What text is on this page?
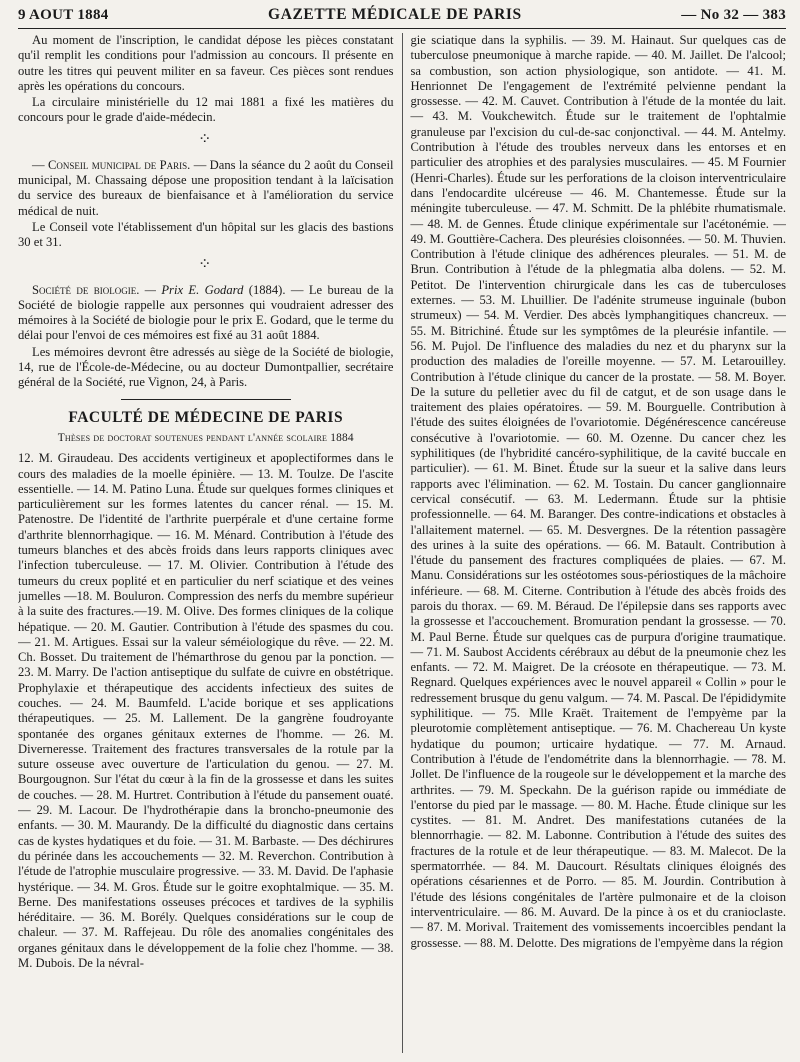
9 AOUT 1884	GAZETTE MÉDICALE DE PARIS	— No 32 — 383

Au moment de l'inscription, le candidat dépose les pièces constatant qu'il remplit les conditions pour l'admission au concours. Il présente en outre les titres qui peuvent militer en sa faveur. Ces pièces sont rendues après les opérations du concours.

La circulaire ministérielle du 12 mai 1881 a fixé les matières du concours pour le grade d'aide-médecin.

⁘

— Conseil municipal de Paris. — Dans la séance du 2 août du Conseil municipal, M. Chassaing dépose une proposition tendant à la laïcisation du service des bureaux de bienfaisance et à l'amélioration du service médical de nuit.

Le Conseil vote l'établissement d'un hôpital sur les glacis des bastions 30 et 31.

⁘

Société de biologie. — Prix E. Godard (1884). — Le bureau de la Société de biologie rappelle aux personnes qui voudraient adresser des mémoires à la Société de biologie pour le prix E. Godard, que le terme du délai pour l'envoi de ces mémoires est fixé au 31 août 1884.

Les mémoires devront être adressés au siège de la Société de biologie, 14, rue de l'École-de-Médecine, ou au docteur Dumontpallier, secrétaire général de la Société, rue Vignon, 24, à Paris.

FACULTÉ DE MÉDECINE DE PARIS
Thèses de doctorat soutenues pendant l'année scolaire 1884

12. M. Giraudeau. Des accidents vertigineux et apoplectiformes dans le cours des maladies de la moelle épinière. — 13. M. Toulze. De l'ascite essentielle. — 14. M. Patino Luna. Étude sur quelques formes cliniques et particulièrement sur les formes latentes du cancer rénal. — 15. M. Patenostre. De l'identité de l'arthrite puerpérale et d'une certaine forme d'arthrite blennorrhagique. — 16. M. Ménard. Contribution à l'étude des tumeurs blanches et des abcès froids dans leurs rapports cliniques avec l'infection tuberculeuse. — 17. M. Olivier. Contribution à l'étude des tumeurs du creux poplité et en particulier du nerf sciatique et des veines jumelles —18. M. Bouluron. Compression des nerfs du membre supérieur à la suite des fractures.—19. M. Olive. Des formes cliniques de la colique hépatique. — 20. M. Gautier. Contribution à l'étude des spasmes du cou. — 21. M. Artigues. Essai sur la valeur séméiologique du rêve. — 22. M. Ch. Bosset. Du traitement de l'hémarthrose du genou par la ponction. — 23. M. Marry. De l'action antiseptique du sulfate de cuivre en obstétrique. Prophylaxie et thérapeutique des accidents infectieux des suites de couches. — 24. M. Baumfeld. L'acide borique et ses applications thérapeutiques. — 25. M. Lallement. De la gangrène foudroyante spontanée des organes génitaux externes de l'homme. — 26. M. Diverneresse. Traitement des fractures transversales de la rotule par la suture osseuse avec ouverture de l'articulation du genou. — 27. M. Bourgougnon. Sur l'état du cœur à la fin de la grossesse et dans les suites de couches. — 28. M. Hurtret. Contribution à l'étude du pansement ouaté. — 29. M. Lacour. De l'hydrothérapie dans la broncho-pneumonie des enfants. — 30. M. Maurandy. De la difficulté du diagnostic dans certains cas de kystes hydatiques et du foie. — 31. M. Barbaste. — Des déchirures du périnée dans les accouchements — 32. M. Reverchon. Contribution à l'étude de l'atrophie musculaire progressive. — 33. M. David. De l'aphasie hystérique. — 34. M. Gros. Étude sur le goitre exophtalmique. — 35. M. Berne. Des manifestations osseuses précoces et tardives de la syphilis héréditaire. — 36. M. Borély. Quelques considérations sur le coup de chaleur. — 37. M. Raffejeau. Du rôle des anomalies congénitales des organes génitaux dans le développement de la folie chez l'homme. — 38. M. Dubois. De la névral-

gie sciatique dans la syphilis. — 39. M. Hainaut. Sur quelques cas de tuberculose pneumonique à marche rapide. — 40. M. Jaillet. De l'alcool; sa combustion, son action physiologique, son antidote. — 41. M. Henrionnet De l'engagement de l'extrémité pelvienne pendant la grossesse. — 42. M. Cauvet. Contribution à l'étude de la montée du lait. — 43. M. Voukchewitch. Étude sur le traitement de l'ophtalmie granuleuse par l'excision du cul-de-sac conjonctival. — 44. M. Antelmy. Contribution à l'étude des troubles nerveux dans les entorses et en particulier des atrophies et des paralysies musculaires. — 45. M Fournier (Henri-Charles). Étude sur les perforations de la cloison interventriculaire dans l'endocardite ulcéreuse — 46. M. Chantemesse. Étude sur la méningite tuberculeuse. — 47. M. Schmitt. De la phlébite rhumatismale. — 48. M. de Gennes. Étude clinique expérimentale sur l'acétonémie. — 49. M. Gouttière-Cachera. Des pleurésies cloisonnées. — 50. M. Thuvien. Contribution à l'étude clinique des adhérences pleurales. — 51. M. de Brun. Contribution à l'étude de la phlegmatia alba dolens. — 52. M. Petitot. De l'intervention chirurgicale dans les cas de tuberculoses externes. — 53. M. Lhuillier. De l'adénite strumeuse inguinale (bubon strumeux) — 54. M. Verdier. Des abcès lymphangitiques chancreux. — 55. M. Bitrichiné. Étude sur les symptômes de la pleurésie infantile. — 56. M. Pujol. De l'influence des maladies du nez et du pharynx sur la production des maladies de l'oreille moyenne. — 57. M. Letarouilley. Contribution à l'étude clinique du cancer de la prostate. — 58. M. Boyer. De la suture du pelletier avec du fil de catgut, et de son usage dans le traitement des plaies opératoires. — 59. M. Bourguelle. Contribution à l'étude des suites éloignées de l'ovariotomie. Dégénérescence cancéreuse consécutive à l'ovariotomie. — 60. M. Ozenne. Du cancer chez les syphilitiques (de l'hybridité cancéro-syphilitique, de la cavité buccale en particulier). — 61. M. Binet. Étude sur la sueur et la salive dans leurs rapports avec l'élimination. — 62. M. Tostain. Du cancer ganglionnaire cervical consécutif. — 63. M. Ledermann. Étude sur la phtisie professionnelle. — 64. M. Baranger. Des contre-indications et obstacles à l'allaitement maternel. — 65. M. Desvergnes. De la rétention passagère des urines à la suite des opérations. — 66. M. Batault. Contribution à l'étude du pansement des fractures compliquées de plaies. — 67. M. Manu. Considérations sur les ostéotomes sous-périostiques de la mâchoire inférieure. — 68. M. Citerne. Contribution à l'étude des abcès froids des parois du thorax. — 69. M. Béraud. De l'épilepsie dans ses rapports avec la grossesse et l'accouchement. Bromuration pendant la grossesse. — 70. M. Paul Berne. Étude sur quelques cas de purpura d'origine traumatique. — 71. M. Saubost Accidents cérébraux au début de la pneumonie chez les enfants. — 72. M. Maigret. De la créosote en thérapeutique. — 73. M. Regnard. Quelques expériences avec le nouvel appareil « Collin » pour le redressement brusque du genu valgum. — 74. M. Pascal. De l'épididymite syphilitique. — 75. Mlle Kraët. Traitement de l'empyème par la pleurotomie complètement antiseptique. — 76. M. Chachereau Un kyste hydatique du poumon; urticaire hydatique. — 77. M. Arnaud. Contribution à l'étude de l'endométrite dans la blennorrhagie. — 78. M. Jollet. De l'influence de la rougeole sur le développement et la marche des arthrites. — 79. M. Speckahn. De la guérison rapide ou immédiate de l'entorse du pied par le massage. — 80. M. Hache. Étude clinique sur les cystites. — 81. M. Andret. Des manifestations cutanées de la blennorrhagie. — 82. M. Labonne. Contribution à l'étude des suites des fractures de la rotule et de leur thérapeutique. — 83. M. Malecot. De la spermatorrhée. — 84. M. Daucourt. Résultats cliniques éloignés des opérations césariennes et de Porro. — 85. M. Jourdin. Contribution à l'étude des lésions congénitales de l'artère pulmonaire et de la cloison interventriculaire. — 86. M. Auvard. De la pince à os et du cranioclaste. — 87. M. Morival. Traitement des vomissements incoercibles pendant la grossesse. — 88. M. Delotte. Des migrations de l'empyème dans la région
